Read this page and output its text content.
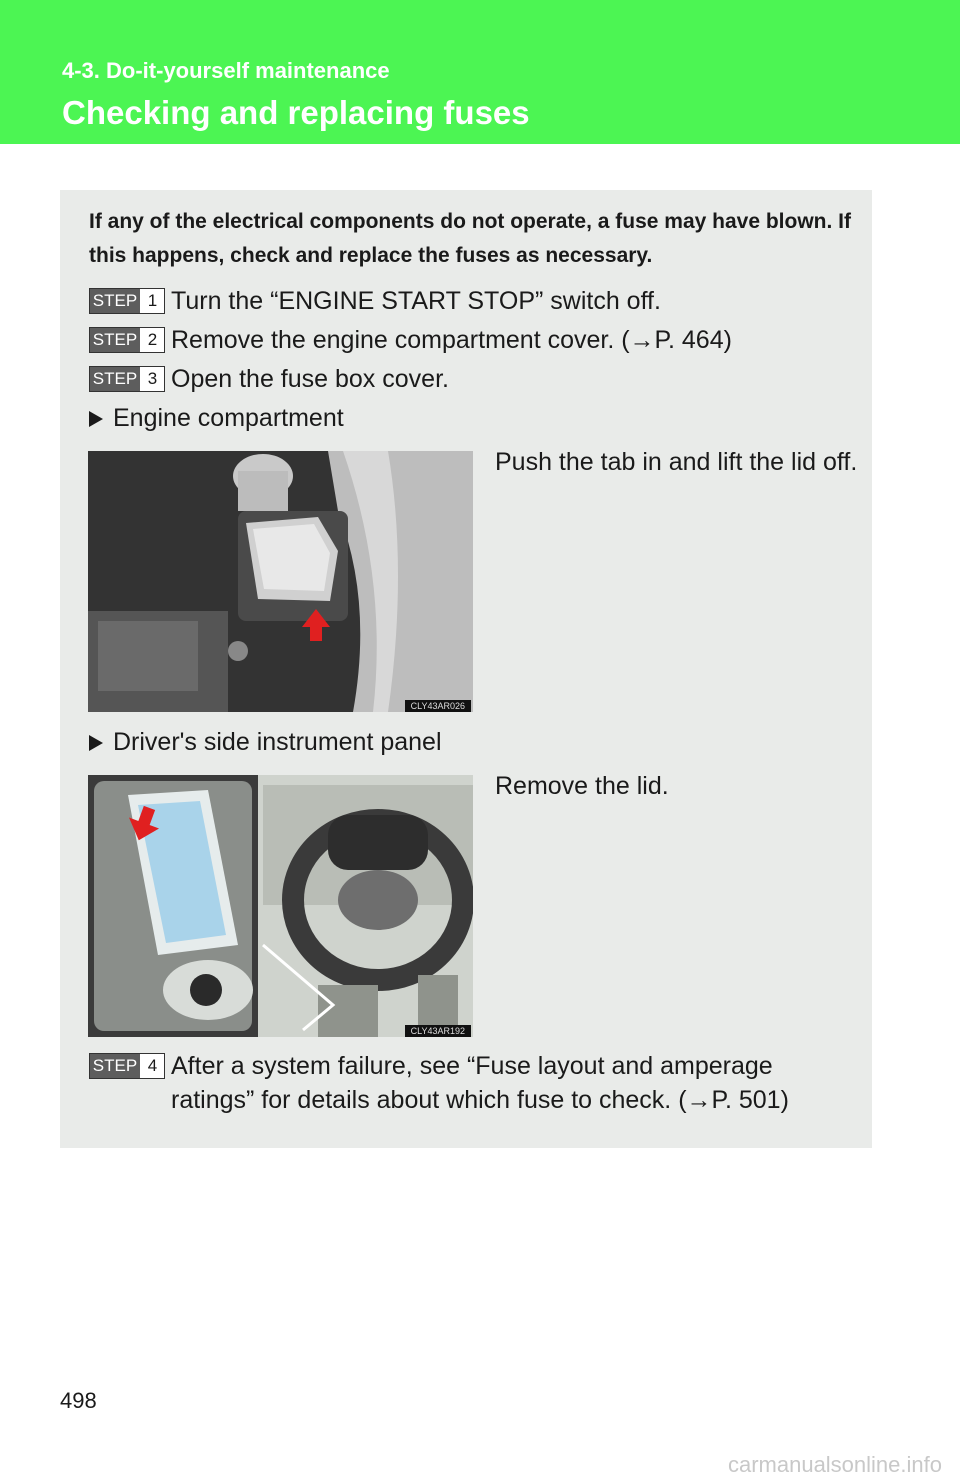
4-3. Do-it-yourself maintenance
Checking and replacing fuses
If any of the electrical components do not operate, a fuse may have blown. If this happens, check and replace the fuses as necessary.
STEP 1 Turn the “ENGINE START STOP” switch off.
STEP 2 Remove the engine compartment cover. (→P. 464)
STEP 3 Open the fuse box cover.
Engine compartment
Push the tab in and lift the lid off.
CLY43AR026
Driver's side instrument panel
Remove the lid.
CLY43AR192
STEP 4 After a system failure, see “Fuse layout and amperage ratings” for details about which fuse to check. (→P. 501)
498
carmanualsonline.info
